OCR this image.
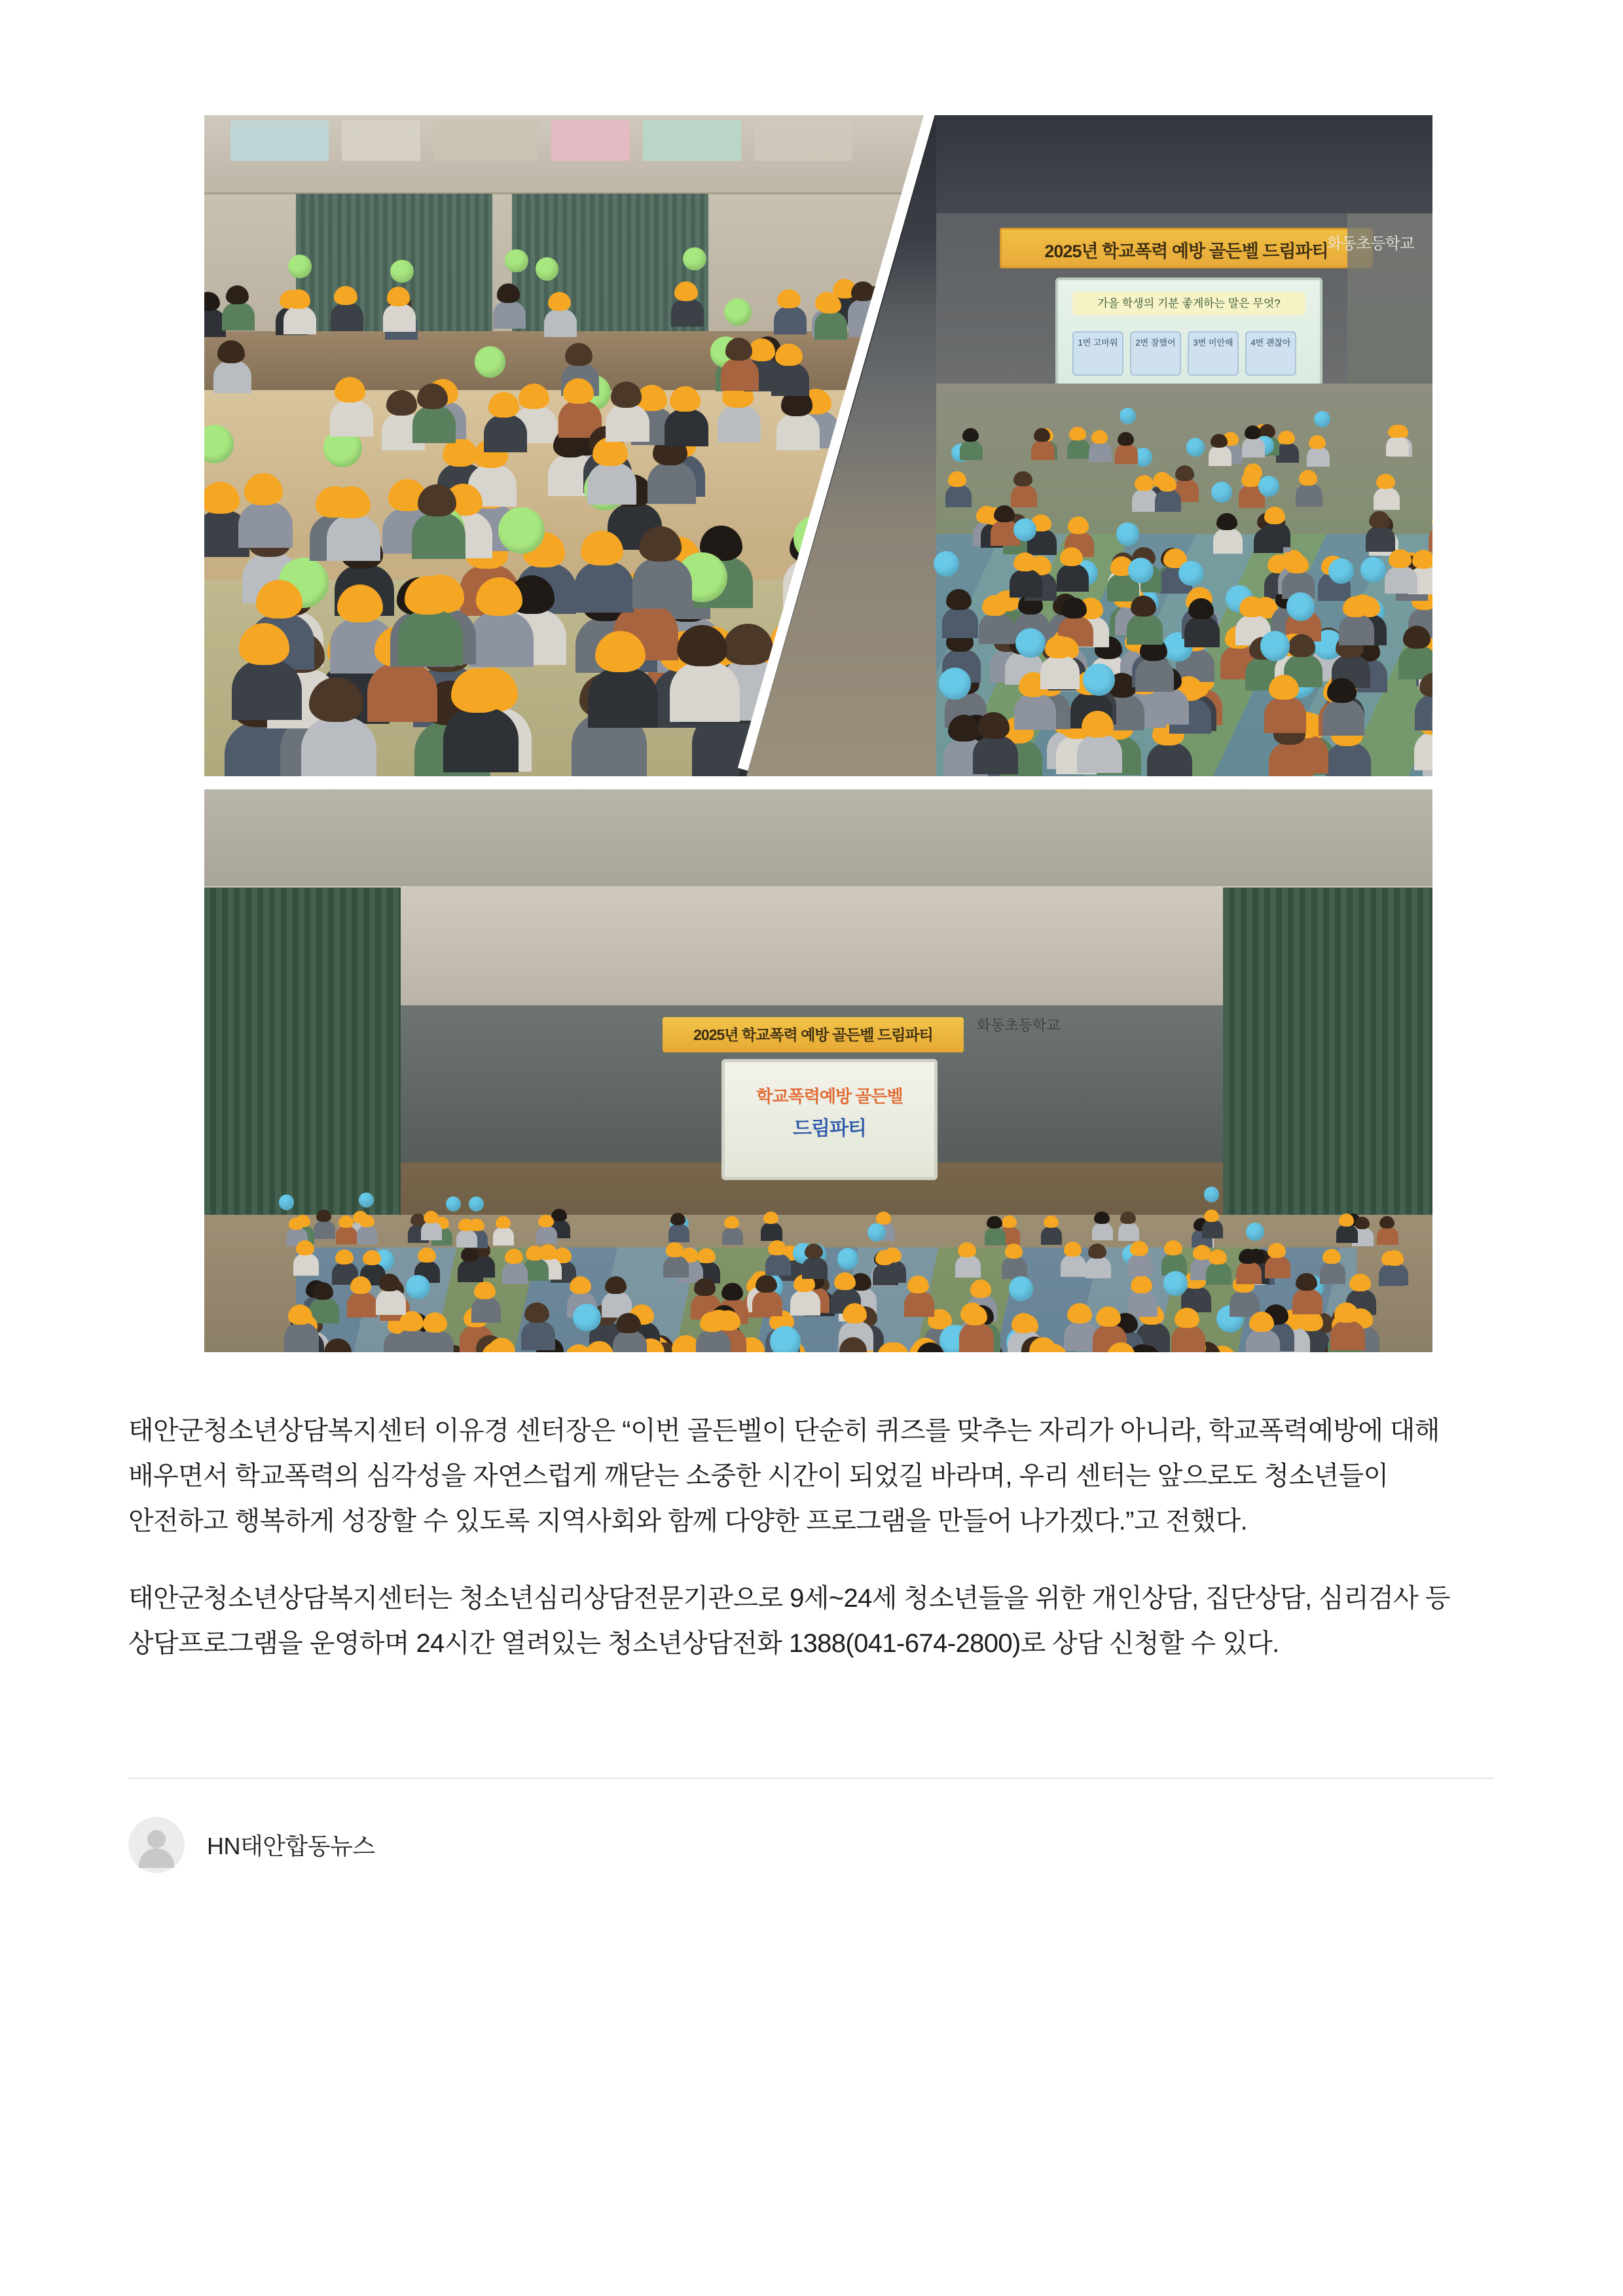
2025년 학교폭력 예방 골든벨 드림파티
가을 학생의 기분 좋게하는 말은 무엇?
1번 고마워	2번 잘했어	3번 미안해	4번 괜찮아
화동초등학교
2025년 학교폭력 예방 골든벨 드림파티
화동초등학교
학교폭력예방 골든벨
드림파티

태안군청소년상담복지센터 이유경 센터장은 “이번 골든벨이 단순히 퀴즈를 맞추는 자리가 아니라, 학교폭력예방에 대해 배우면서 학교폭력의 심각성을 자연스럽게 깨닫는 소중한 시간이 되었길 바라며, 우리 센터는 앞으로도 청소년들이 안전하고 행복하게 성장할 수 있도록 지역사회와 함께 다양한 프로그램을 만들어 나가겠다.”고 전했다.

태안군청소년상담복지센터는 청소년심리상담전문기관으로 9세~24세 청소년들을 위한 개인상담, 집단상담, 심리검사 등 상담프로그램을 운영하며 24시간 열려있는 청소년상담전화 1388(041-674-2800)로 상담 신청할 수 있다.

HN태안합동뉴스
